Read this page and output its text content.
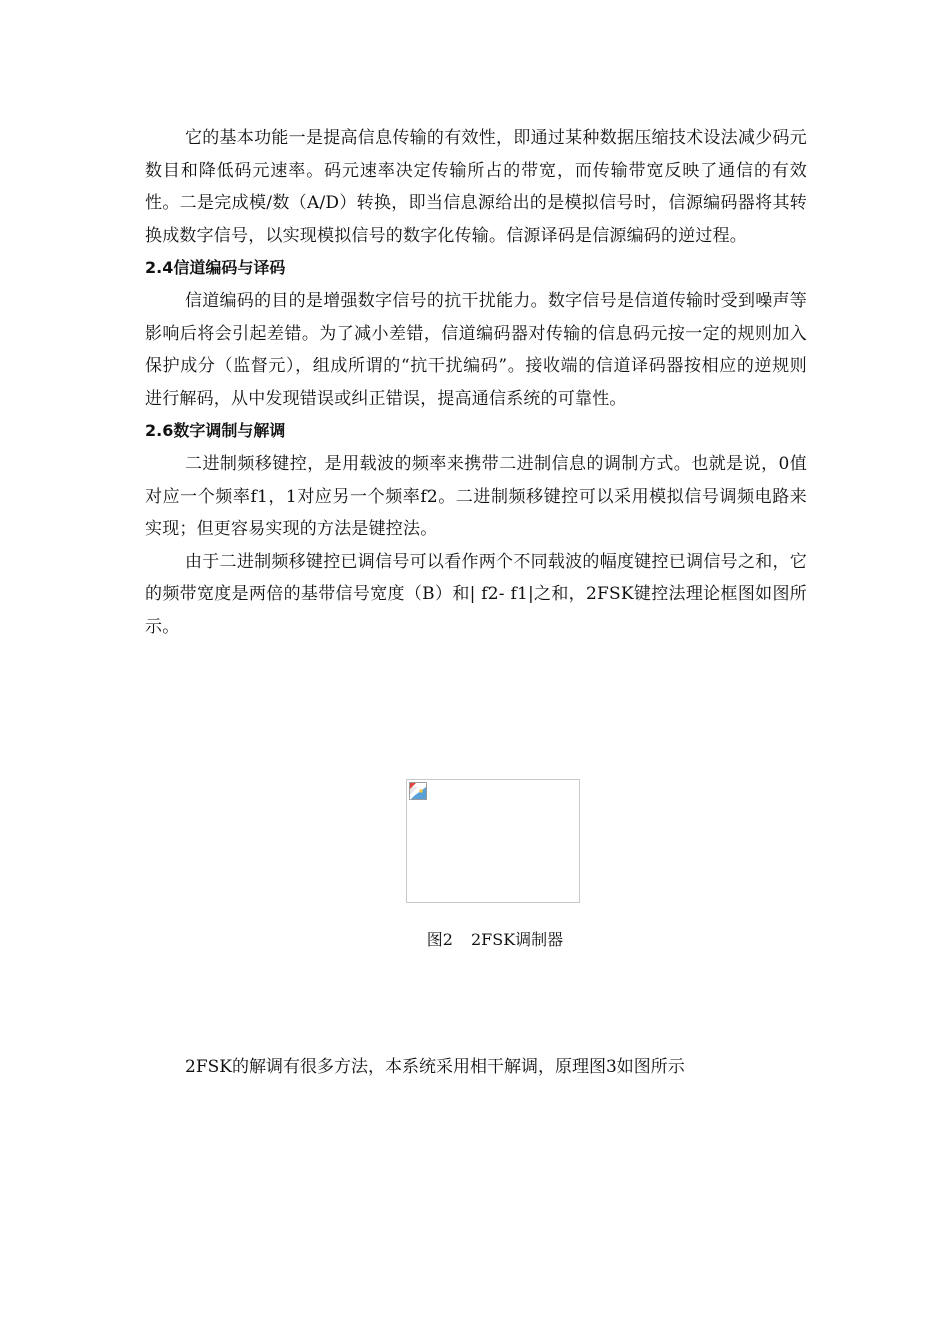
它的基本功能一是提高信息传输的有效性，即通过某种数据压缩技术设法减少码元数目和降低码元速率。码元速率决定传输所占的带宽，而传输带宽反映了通信的有效性。二是完成模/数（A/D）转换，即当信息源给出的是模拟信号时，信源编码器将其转换成数字信号，以实现模拟信号的数字化传输。信源译码是信源编码的逆过程。

2.4信道编码与译码

信道编码的目的是增强数字信号的抗干扰能力。数字信号是信道传输时受到噪声等影响后将会引起差错。为了减小差错，信道编码器对传输的信息码元按一定的规则加入保护成分（监督元），组成所谓的“抗干扰编码”。接收端的信道译码器按相应的逆规则进行解码，从中发现错误或纠正错误，提高通信系统的可靠性。

2.6数字调制与解调

二进制频移键控，是用载波的频率来携带二进制信息的调制方式。也就是说，0值对应一个频率f1，1对应另一个频率f2。二进制频移键控可以采用模拟信号调频电路来实现；但更容易实现的方法是键控法。

由于二进制频移键控已调信号可以看作两个不同载波的幅度键控已调信号之和，它的频带宽度是两倍的基带信号宽度（B）和| f2- f1|之和，2FSK键控法理论框图如图所示。

图2 2FSK调制器

2FSK的解调有很多方法，本系统采用相干解调，原理图3如图所示
